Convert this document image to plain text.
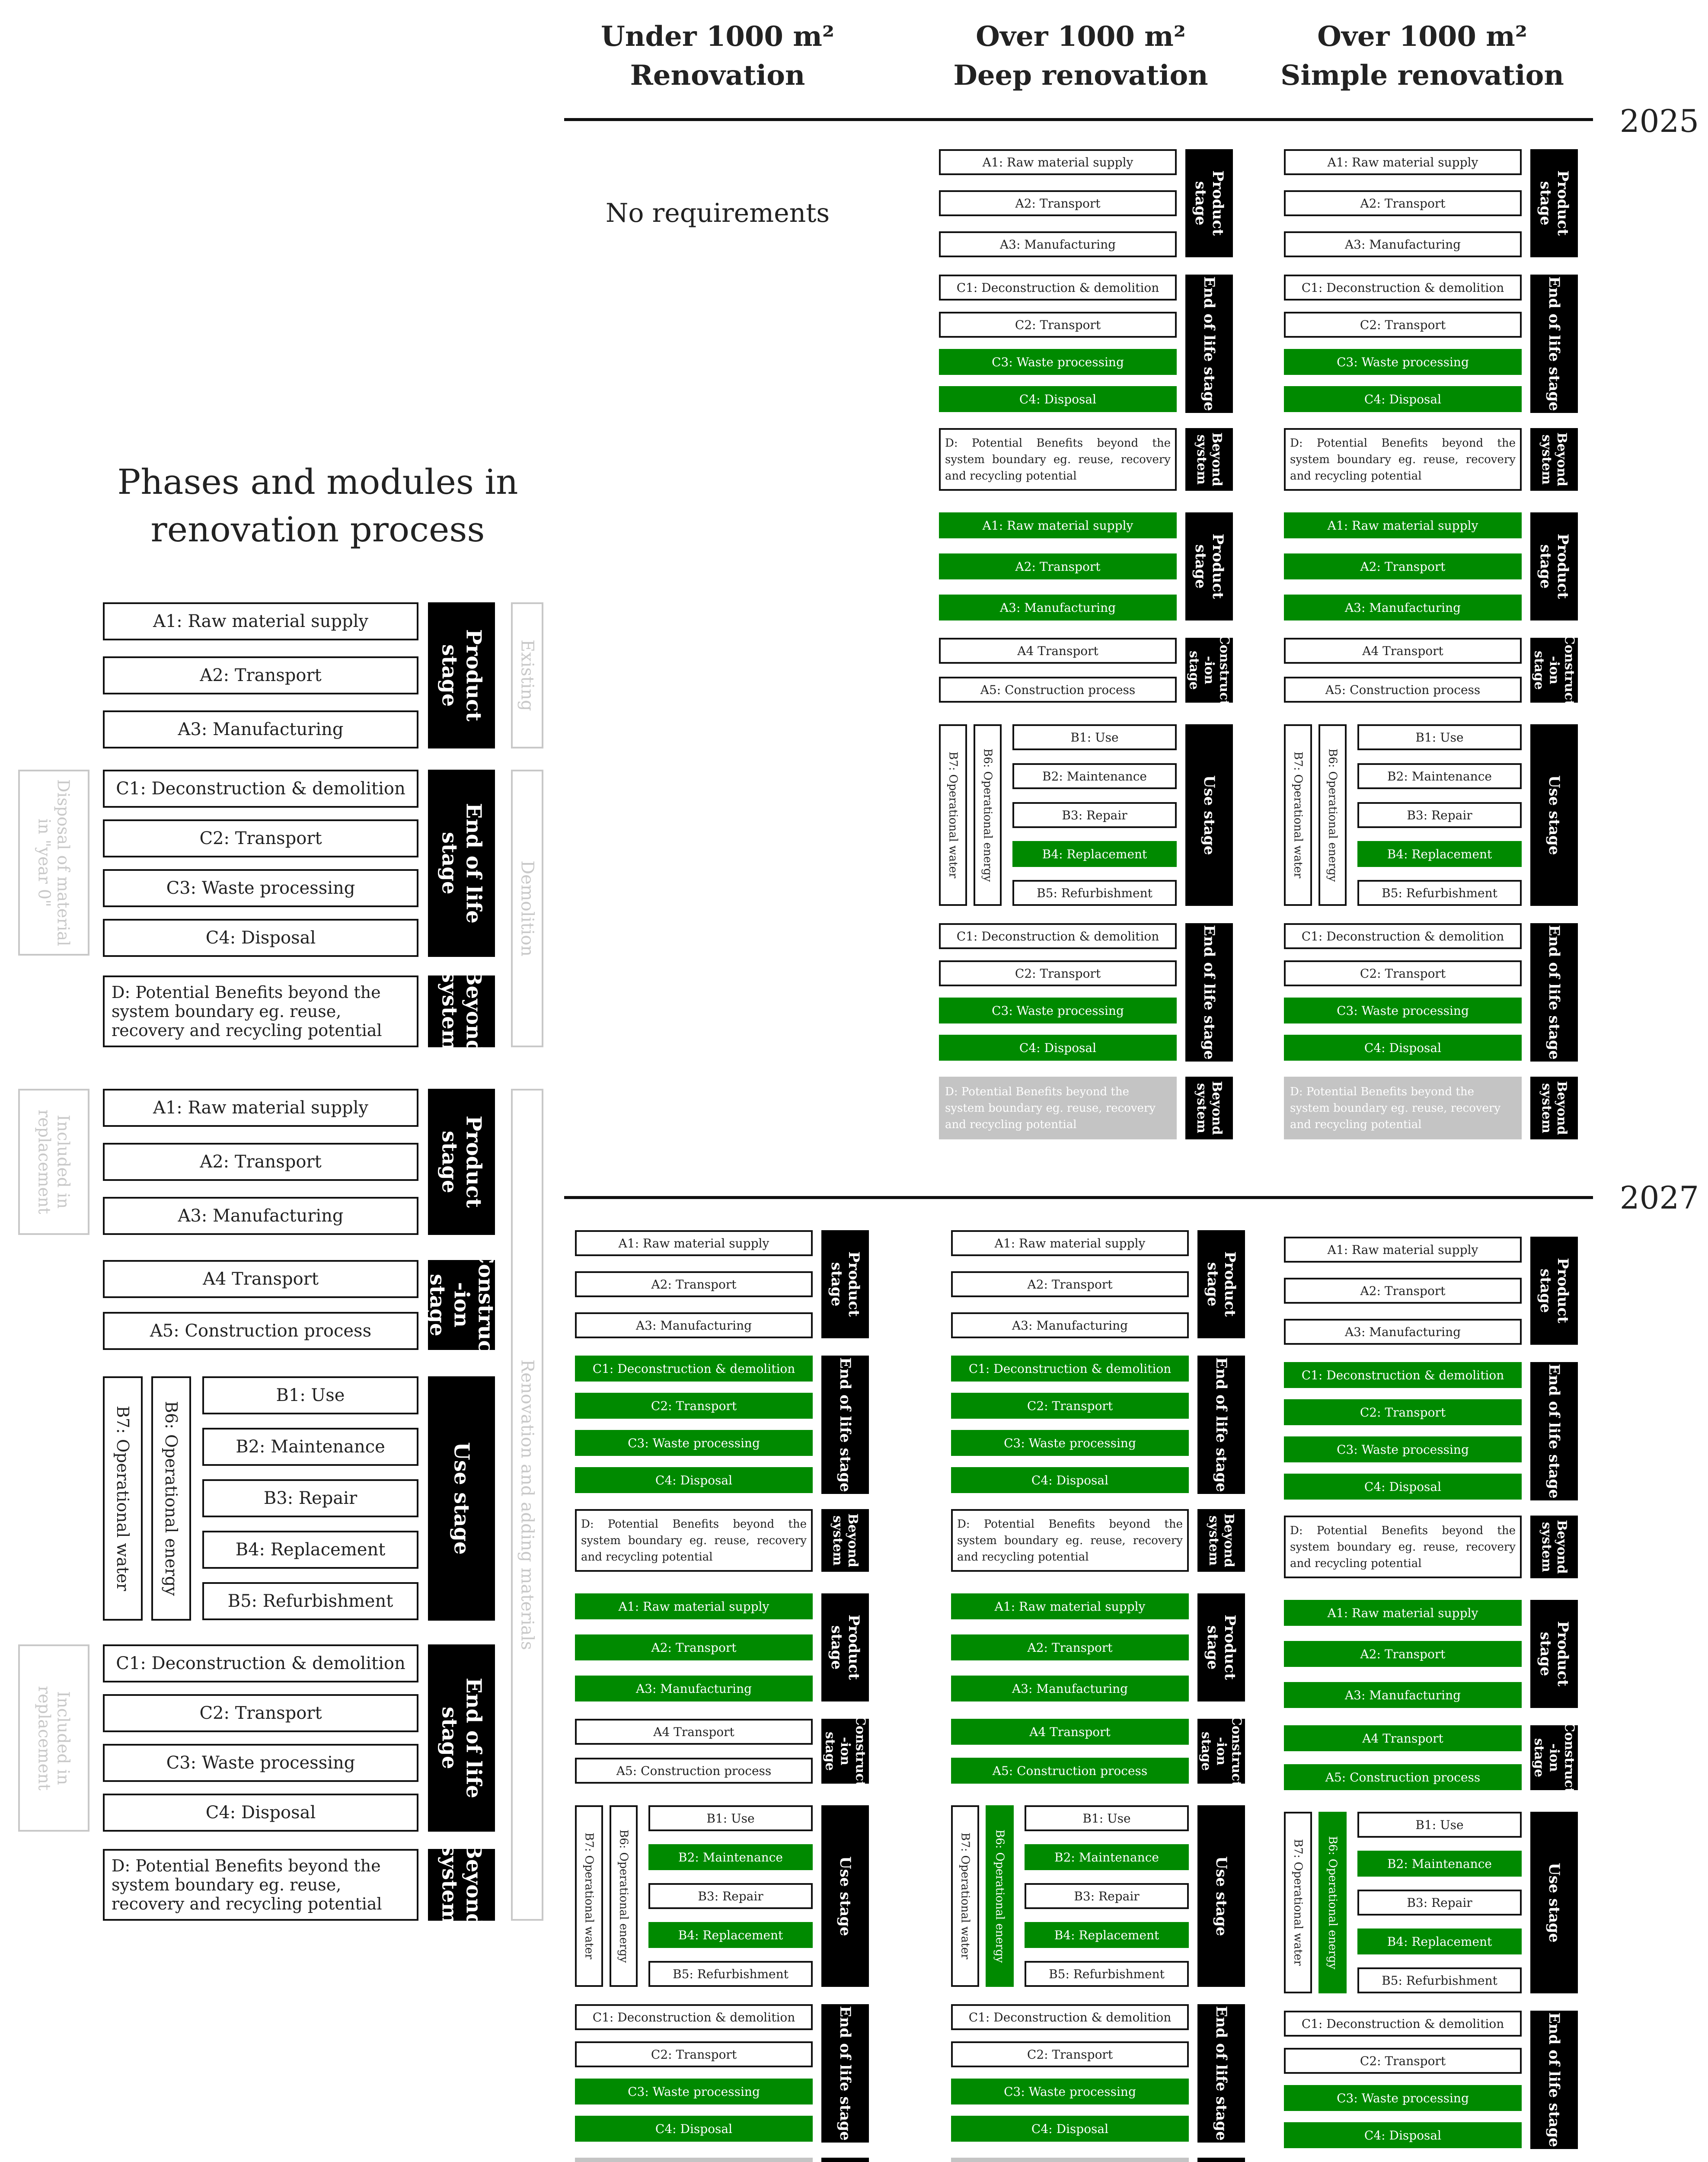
Under 1000 m²
Renovation
Over 1000 m²
Deep renovation
Over 1000 m²
Simple renovation
2025
2027
No requirements
Phases and modules in
renovation process
A1: Raw material supply
A2: Transport
A3: Manufacturing
Product stage
C1: Deconstruction & demolition
C2: Transport
C3: Waste processing
C4: Disposal
End of life stage
D: Potential Benefits beyond the system boundary eg. reuse, recovery and recycling potential	Beyond system
A1: Raw material supply
A2: Transport
A3: Manufacturing
Product stage
A4 Transport
A5: Construction process	Construct -ion stage
B7: Operational water	B6: Operational energy
B1: Use
B2: Maintenance
B3: Repair
B4: Replacement
B5: Refurbishment
Use stage
C1: Deconstruction & demolition
C2: Transport
C3: Waste processing
C4: Disposal
End of life stage
D: Potential Benefits beyond the system boundary eg. reuse, recovery and recycling potential	Beyond system
Existing
Demolition
Renovation and adding materials
Disposal of material in "year 0"
Included in replacement
Included in replacement
A1: Raw material supply
A2: Transport
A3: Manufacturing
Product stage
C1: Deconstruction & demolition
C2: Transport
C3: Waste processing
C4: Disposal	End of life stage
D: Potential Benefits beyond the system boundary eg. reuse, recovery and recycling potential	Beyond system
A1: Raw material supply
A2: Transport
A3: Manufacturing
Product stage
A4 Transport
A5: Construction process	Construct -ion stage
B7: Operational water	B6: Operational energy
B1: Use
B2: Maintenance
B3: Repair
B4: Replacement
B5: Refurbishment
Use stage
C1: Deconstruction & demolition
C2: Transport
C3: Waste processing
C4: Disposal	End of life stage
D: Potential Benefits beyond the system boundary eg. reuse, recovery and recycling potential	Beyond system
A1: Raw material supply
A2: Transport
A3: Manufacturing
Product stage
C1: Deconstruction & demolition
C2: Transport
C3: Waste processing
C4: Disposal	End of life stage
D: Potential Benefits beyond the system boundary eg. reuse, recovery and recycling potential	Beyond system
A1: Raw material supply
A2: Transport
A3: Manufacturing
Product stage
A4 Transport
A5: Construction process	Construct -ion stage
B7: Operational water	B6: Operational energy
B1: Use
B2: Maintenance
B3: Repair
B4: Replacement
B5: Refurbishment
Use stage
C1: Deconstruction & demolition
C2: Transport
C3: Waste processing
C4: Disposal	End of life stage
D: Potential Benefits beyond the system boundary eg. reuse, recovery and recycling potential	Beyond system
A1: Raw material supply
A2: Transport
A3: Manufacturing
Product stage
C1: Deconstruction & demolition
C2: Transport
C3: Waste processing
C4: Disposal	End of life stage
D: Potential Benefits beyond the system boundary eg. reuse, recovery and recycling potential	Beyond system
A1: Raw material supply
A2: Transport
A3: Manufacturing
Product stage
A4 Transport
A5: Construction process	Construct -ion stage
B7: Operational water	B6: Operational energy
B1: Use
B2: Maintenance
B3: Repair
B4: Replacement
B5: Refurbishment
Use stage
C1: Deconstruction & demolition
C2: Transport
C3: Waste processing
C4: Disposal	End of life stage
A1: Raw material supply
A2: Transport
A3: Manufacturing
Product stage
C1: Deconstruction & demolition
C2: Transport
C3: Waste processing
C4: Disposal	End of life stage
D: Potential Benefits beyond the system boundary eg. reuse, recovery and recycling potential	Beyond system
A1: Raw material supply
A2: Transport
A3: Manufacturing
Product stage
A4 Transport
A5: Construction process	Construct -ion stage
B7: Operational water	B6: Operational energy
B1: Use
B2: Maintenance
B3: Repair
B4: Replacement
B5: Refurbishment
Use stage
C1: Deconstruction & demolition
C2: Transport
C3: Waste processing
C4: Disposal	End of life stage
A1: Raw material supply
A2: Transport
A3: Manufacturing
Product stage
C1: Deconstruction & demolition
C2: Transport
C3: Waste processing
C4: Disposal	End of life stage
D: Potential Benefits beyond the system boundary eg. reuse, recovery and recycling potential	Beyond system
A1: Raw material supply
A2: Transport
A3: Manufacturing
Product stage
A4 Transport
A5: Construction process	Construct -ion stage
B7: Operational water	B6: Operational energy
B1: Use
B2: Maintenance
B3: Repair
B4: Replacement
B5: Refurbishment
Use stage
C1: Deconstruction & demolition
C2: Transport
C3: Waste processing
C4: Disposal	End of life stage
